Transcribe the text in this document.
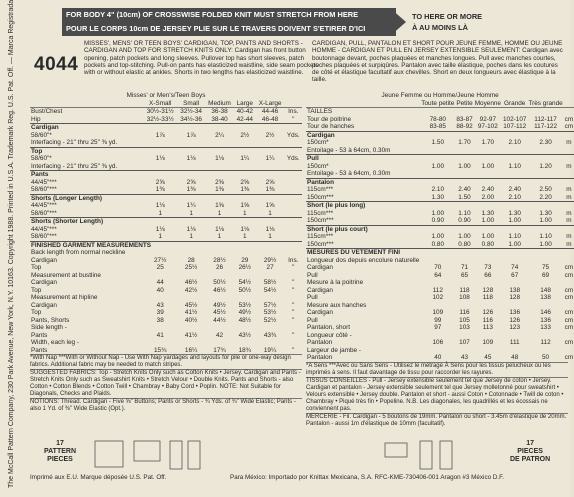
The McCall Pattern Company, 230 Park Avenue, New York, N.Y. 10163. Copyright 1988. Printed in U.S.A. Trademark Reg. U.S. Pat. Off. — Marca Registrada	FOR BODY 4" (10cm) OF CROSSWISE FOLDED KNIT MUST STRETCH FROM HERE
POUR LE CORPS 10cm DE JERSEY PLIE SUR LE TRAVERS DOIVENT S'ETIRER D'ICI
TO HERE OR MORE
À AU MOINS LÀ
4044
MISSES', MENS' OR TEEN BOYS' CARDIGAN, TOP, PANTS AND SHORTS - CARDIGAN AND TOP FOR STRETCH KNITS ONLY: Cardigan has front button opening, patch pockets and long sleeves. Pullover top has short sleeves, patch pockets and top-stitching. Pull-on pants has elasticized waistline, side seam pockets with or without elastic at ankles. Shorts in two lengths has elasticized waistline.
CARDIGAN, PULL, PANTALON ET SHORT POUR JEUNE FEMME, HOMME OU JEUNE HOMME - CARDIGAN ET PULL EN JERSEY EXTENSIBLE SEULEMENT: Cardigan avec boutonnage devant, poches plaquées et manches longues. Pull avec manches courtes, poches plaquées et surpiqûres. Pantalon avec taille élastique, poches dans les coutures de côté et élastique facultatif aux chevilles. Short en deux longueurs avec élastique à la taille.
Misses' or Men's/Teen Boys						
	X-Small	Small	Medium	Large	X-Large	
Bust/Chest	30½-31½	32½-34	36-38	40-42	44-46	Ins.
Hip	32½-33½	34½-36	38-40	42-44	46-48	"
Cardigan						
58/60"*	1⅞	1⅞	2¼	2½	2½	Yds.
Interfacing - 21" thru 25" ⅜ yd.						
Top						
58/60"*	1⅛	1⅛	1⅛	1¼	1¼	Yds.
Interfacing - 21" thru 25" ⅜ yd.						
Pants						
44/45"***	2⅝	2⅝	2⅝	2⅝	2⅝	
58/60"***	1⅜	1⅜	1⅜	1⅜	1⅜	
Shorts (Longer Length)						
44/45"***	1⅛	1¼	1⅝	1⅝	1⅝	
58/60"***	1	1	1	1	1	
Shorts (Shorter Length)						
44/45"***	1⅛	1⅛	1⅛	1⅛	1⅛	
58/60"***	1	1	1	1	1	
FINISHED GARMENT MEASUREMENTS						
Back length from normal neckline						
Cardigan	27½	28	28½	29	29½	Ins.
Top	25	25½	26	26½	27	"
Measurement at bustline						
Cardigan	44	46½	50½	54½	58½	"
Top	40	42½	46½	50½	54½	"
Measurement at hipline						
Cardigan	43	45½	49½	53½	57½	"
Top	39	41½	45½	49½	53½	"
Pants, Shorts	38	40½	44½	48½	52½	"
Side length -						
Pants	41	41½	42	43½	43¾	"
Width, each leg -						
Pants	15¾	16¼	17¾	18¾	19¼	"
*With Nap ***With or Without Nap - Use With Nap yardages and layouts for pile or one-way design fabrics. Additional fabric may be needed to match stripes.
SUGGESTED FABRICS: Top - Stretch Knits Only such as Cotton Knits • Jersey. Cardigan and Pants - Stretch Knits Only such as Sweatshirt Knits • Stretch Velour • Double Knits. Pants and Shorts - also Cotton • Cotton Blends • Cotton Twill • Chambray • Baby Cord • Poplin. NOTE: Not Suitable for Diagonals, Checks and Plaids.
NOTIONS: Thread. Cardigan - Five ⅝" Buttons; Pants or Shorts - ¾ Yds. of ¾" Wide Elastic; Pants - also 1 Yd. of ⅜" Wide Elastic (Opt.).
Jeune Femme ou Homme/Jeune Homme						
	Toute petite	Petite	Moyenne	Grande	Très grande	
TAILLES						
Tour de poitrine	78-80	83-87	92-97	102-107	112-117	cm
Tour de hanches	83-85	88-92	97-102	107-112	117-122	cm
Cardigan						
150cm*	1.50	1.70	1.70	2.10	2.30	m
Entoilage - 53 à 64cm, 0.30m						
Pull						
150cm*	1.00	1.00	1.00	1.10	1.20	m
Entoilage - 53 à 64cm, 0.30m						
Pantalon						
115cm***	2.10	2.40	2.40	2.40	2.50	m
150cm***	1.30	1.50	2.00	2.10	2.20	m
Short (le plus long)						
115cm***	1.00	1.10	1.30	1.30	1.30	m
150cm***	0.90	0.90	1.00	1.00	1.00	m
Short (le plus court)						
115cm***	1.00	1.00	1.00	1.10	1.10	m
150cm***	0.80	0.80	0.80	1.00	1.00	m
MESURES DU VETEMENT FINI						
Longueur dos depuis encolure naturelle						
Cardigan	70	71	73	74	75	cm
Pull	64	65	66	67	69	cm
Mesure à la poitrine						
Cardigan	112	118	128	138	148	cm
Pull	102	108	118	128	138	cm
Mesure aux hanches						
Cardigan	109	116	126	136	146	cm
Pull	99	105	116	126	136	cm
Pantalon, short	97	103	113	123	133	cm
Longueur côté -						
Pantalon	106	107	109	111	112	cm
Largeur de jambe -						
Pantalon	40	43	45	48	50	cm
*A Sens ***Avec ou Sans Sens - Utilisez le métrage À Sens pour les tissus pelucheux ou les imprimés à sens. Il faut davantage de tissu pour raccorder les rayures.
TISSUS CONSEILLES - Pull - Jersey extensible seulement tel que Jersey de coton • Jersey. Cardigan et pantalon - Jersey extensible seulement tel que Jersey molletonné pour sweatshirt • Velours extensible • Jersey double. Pantalon et short - aussi Coton • Cotonnade • Twill de coton • Chambray • Piqué très fin • Popeline. N.B. Les diagonales, les quadrillés et les écossais ne conviennent pas.
MERCERIE - Fil. Cardigan - 5 boutons de 19mm. Pantalon ou short - 3.45m d'élastique de 20mm. Pantalon - aussi 1m d'élastique de 10mm (facultatif).
17
PATTERN
PIECES
17
PIECES
DE PATRON
Imprimé aux E.U. Marque déposée U.S. Pat. Off.	Para México: Importado por Knittax Mexicana, S.A. RFC-KME-730406-001 Aragon #3 México D.F.
